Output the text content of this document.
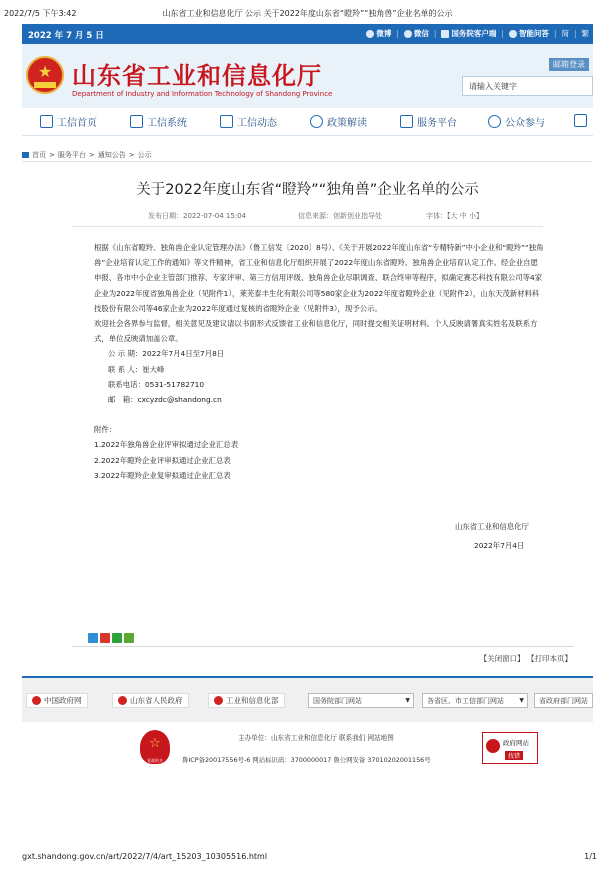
2022/7/5 下午3:42	山东省工业和信息化厅 公示 关于2022年度山东省“瞪羚”“独角兽”企业名单的公示
2022 年 7 月 5 日	微博 | 微信 | 国务院客户端 | 智能问答 | 简 | 繁
★ 山东省工业和信息化厅
Department of Industry and Information Technology of Shandong Province
邮箱登录
请输入关键字
工信首页	工信系统	工信动态	政策解读	服务平台	公众参与
首页 > 服务平台 > 通知公告 > 公示
关于2022年度山东省“瞪羚”“独角兽”企业名单的公示
发布日期：2022-07-04 15:04	信息来源：创新创业指导处	字体：【大 中 小】

根据《山东省瞪羚、独角兽企业认定管理办法》（鲁工信发〔2020〕8号）、《关于开展2022年度山东省“专精特新”中小企业和“瞪羚”“独角兽”企业培育认定工作的通知》等文件精神，省工业和信息化厅组织开展了2022年度山东省瞪羚、独角兽企业培育认定工作。经企业自愿申报、各市中小企业主管部门推荐、专家评审、第三方信用评级、独角兽企业尽职调查、联合终审等程序，拟确定赛芯科技有限公司等4家企业为2022年度省独角兽企业（见附件1），莱芜泰丰生化有限公司等580家企业为2022年度省瞪羚企业（见附件2），山东天茂新材料科技股份有限公司等46家企业为2022年度通过复核的省瞪羚企业（见附件3），现予公示。

欢迎社会各界参与监督，相关意见及建议请以书面形式反馈省工业和信息化厅，同时提交相关证明材料。个人反映请署真实姓名及联系方式，单位反映请加盖公章。

公 示 期：2022年7月4日至7月8日

联 系 人：崔大峰

联系电话：0531-51782710

邮　箱：cxcyzdc@shandong.cn

附件：

1.2022年独角兽企业评审拟通过企业汇总表

2.2022年瞪羚企业评审拟通过企业汇总表

3.2022年瞪羚企业复审拟通过企业汇总表

山东省工业和信息化厅
2022年7月4日
【关闭窗口】 【打印本页】
中国政府网	山东省人民政府	工业和信息化部	国务院部门网站	▼	各省区、市工信部门网站	▼	省政府部门网站
☆
党政机关
主办单位：山东省工业和信息化厅 联系我们 网站地图
鲁ICP备20017556号-6 网站标识码：3700000017 鲁公网安备 37010202001156号
政府网站
找错
gxt.shandong.gov.cn/art/2022/7/4/art_15203_10305516.html	1/1
